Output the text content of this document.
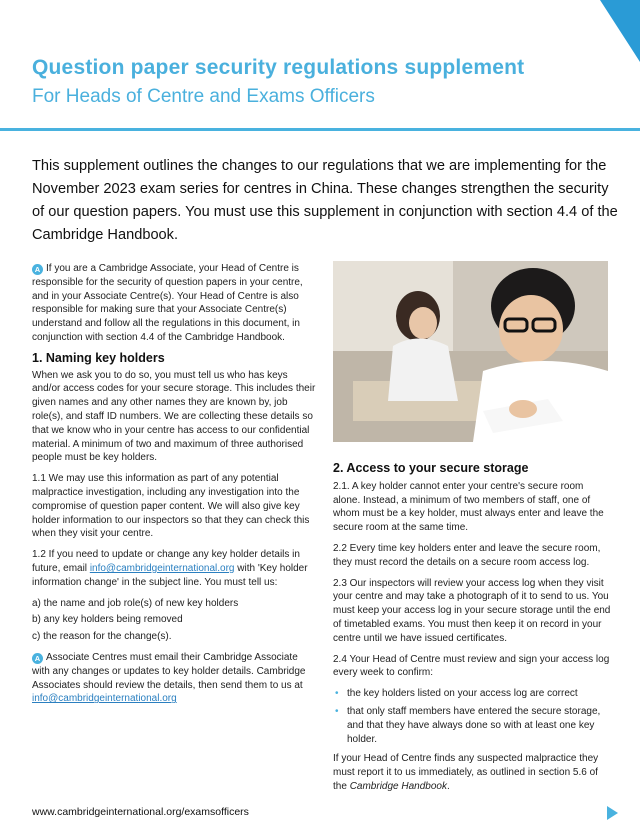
Question paper security regulations supplement
For Heads of Centre and Exams Officers
This supplement outlines the changes to our regulations that we are implementing for the November 2023 exam series for centres in China. These changes strengthen the security of our question papers. You must use this supplement in conjunction with section 4.4 of the Cambridge Handbook.

A If you are a Cambridge Associate, your Head of Centre is responsible for the security of question papers in your centre, and in your Associate Centre(s). Your Head of Centre is also responsible for making sure that your Associate Centre(s) understand and follow all the regulations in this document, in conjunction with section 4.4 of the Cambridge Handbook.

1. Naming key holders

When we ask you to do so, you must tell us who has keys and/or access codes for your secure storage. This includes their given names and any other names they are known by, job role(s), and staff ID numbers. We are collecting these details so that we know who in your centre has access to our confidential material. A minimum of two and maximum of three authorised people must be key holders.

1.1 We may use this information as part of any potential malpractice investigation, including any investigation into the compromise of question paper content. We will also give key holder information to our inspectors so that they can check this when they visit your centre.

1.2 If you need to update or change any key holder details in future, email info@cambridgeinternational.org with 'Key holder information change' in the subject line. You must tell us:

a) the name and job role(s) of new key holders
b) any key holders being removed
c) the reason for the change(s).

A Associate Centres must email their Cambridge Associate with any changes or updates to key holder details. Cambridge Associates should review the details, then send them to us at info@cambridgeinternational.org

2. Access to your secure storage

2.1. A key holder cannot enter your centre's secure room alone. Instead, a minimum of two members of staff, one of whom must be a key holder, must always enter and leave the secure room at the same time.

2.2 Every time key holders enter and leave the secure room, they must record the details on a secure room access log.

2.3 Our inspectors will review your access log when they visit your centre and may take a photograph of it to send to us. You must keep your access log in your secure storage until the end of timetabled exams. You must then keep it on record in your centre until we have issued certificates.

2.4 Your Head of Centre must review and sign your access log every week to confirm:

• the key holders listed on your access log are correct
• that only staff members have entered the secure storage, and that they have always done so with at least one key holder.

If your Head of Centre finds any suspected malpractice they must report it to us immediately, as outlined in section 5.6 of the Cambridge Handbook.

www.cambridgeinternational.org/examsofficers
